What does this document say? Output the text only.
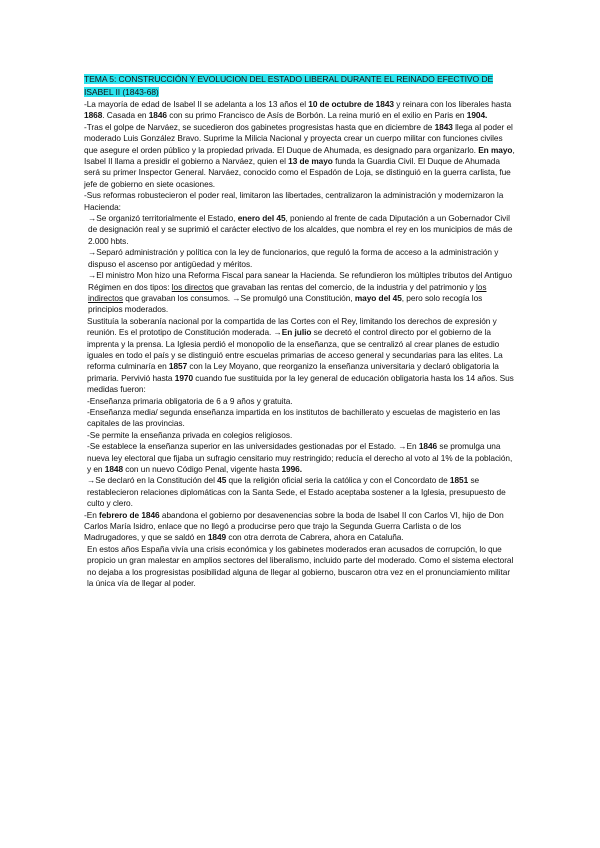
TEMA 5: CONSTRUCCIÓN Y EVOLUCION DEL ESTADO LIBERAL DURANTE EL REINADO EFECTIVO DE ISABEL II (1843-68)

-La mayoría de edad de Isabel II se adelanta a los 13 años el 10 de octubre de 1843 y reinara con los liberales hasta 1868. Casada en 1846 con su primo Francisco de Asís de Borbón. La reina murió en el exilio en Paris en 1904.

-Tras el golpe de Narváez, se sucedieron dos gabinetes progresistas hasta que en diciembre de 1843 llega al poder el moderado Luis González Bravo. Suprime la Milicia Nacional y proyecta crear un cuerpo militar con funciones civiles que asegure el orden público y la propiedad privada. El Duque de Ahumada, es designado para organizarlo. En mayo, Isabel II llama a presidir el gobierno a Narváez, quien el 13 de mayo funda la Guardia Civil. El Duque de Ahumada será su primer Inspector General. Narváez, conocido como el Espadón de Loja, se distinguió en la guerra carlista, fue jefe de gobierno en siete ocasiones.

-Sus reformas robustecieron el poder real, limitaron las libertades, centralizaron la administración y modernizaron la Hacienda:

→Se organizó territorialmente el Estado, enero del 45, poniendo al frente de cada Diputación a un Gobernador Civil de designación real y se suprimió el carácter electivo de los alcaldes, que nombra el rey en los municipios de más de 2.000 hbts.

→Separó administración y política con la ley de funcionarios, que reguló la forma de acceso a la administración y dispuso el ascenso por antigüedad y méritos.

→El ministro Mon hizo una Reforma Fiscal para sanear la Hacienda. Se refundieron los múltiples tributos del Antiguo Régimen en dos tipos: los directos que gravaban las rentas del comercio, de la industria y del patrimonio y los indirectos que gravaban los consumos. →Se promulgó una Constitución, mayo del 45, pero solo recogía los principios moderados.

Sustituía la soberanía nacional por la compartida de las Cortes con el Rey, limitando los derechos de expresión y reunión. Es el prototipo de Constitución moderada. →En julio se decretó el control directo por el gobierno de la imprenta y la prensa. La Iglesia perdió el monopolio de la enseñanza, que se centralizó al crear planes de estudio iguales en todo el país y se distinguió entre escuelas primarias de acceso general y secundarias para las elites. La reforma culminaría en 1857 con la Ley Moyano, que reorganizo la enseñanza universitaria y declaró obligatoria la primaria. Pervivió hasta 1970 cuando fue sustituida por la ley general de educación obligatoria hasta los 14 años. Sus medidas fueron:

-Enseñanza primaria obligatoria de 6 a 9 años y gratuita.

-Enseñanza media/ segunda enseñanza impartida en los institutos de bachillerato y escuelas de magisterio en las capitales de las provincias.

-Se permite la enseñanza privada en colegios religiosos.

-Se establece la enseñanza superior en las universidades gestionadas por el Estado. →En 1846 se promulga una nueva ley electoral que fijaba un sufragio censitario muy restringido; reducía el derecho al voto al 1% de la población, y en 1848 con un nuevo Código Penal, vigente hasta 1996.

→Se declaró en la Constitución del 45 que la religión oficial seria la católica y con el Concordato de 1851 se restablecieron relaciones diplomáticas con la Santa Sede, el Estado aceptaba sostener a la Iglesia, presupuesto de culto y clero.

-En febrero de 1846 abandona el gobierno por desavenencias sobre la boda de Isabel II con Carlos VI, hijo de Don Carlos María Isidro, enlace que no llegó a producirse pero que trajo la Segunda Guerra Carlista o de los Madrugadores, y que se saldó en 1849 con otra derrota de Cabrera, ahora en Cataluña.

En estos años España vivía una crisis económica y los gabinetes moderados eran acusados de corrupción, lo que propicio un gran malestar en amplios sectores del liberalismo, incluido parte del moderado. Como el sistema electoral no dejaba a los progresistas posibilidad alguna de llegar al gobierno, buscaron otra vez en el pronunciamiento militar la única vía de llegar al poder.
